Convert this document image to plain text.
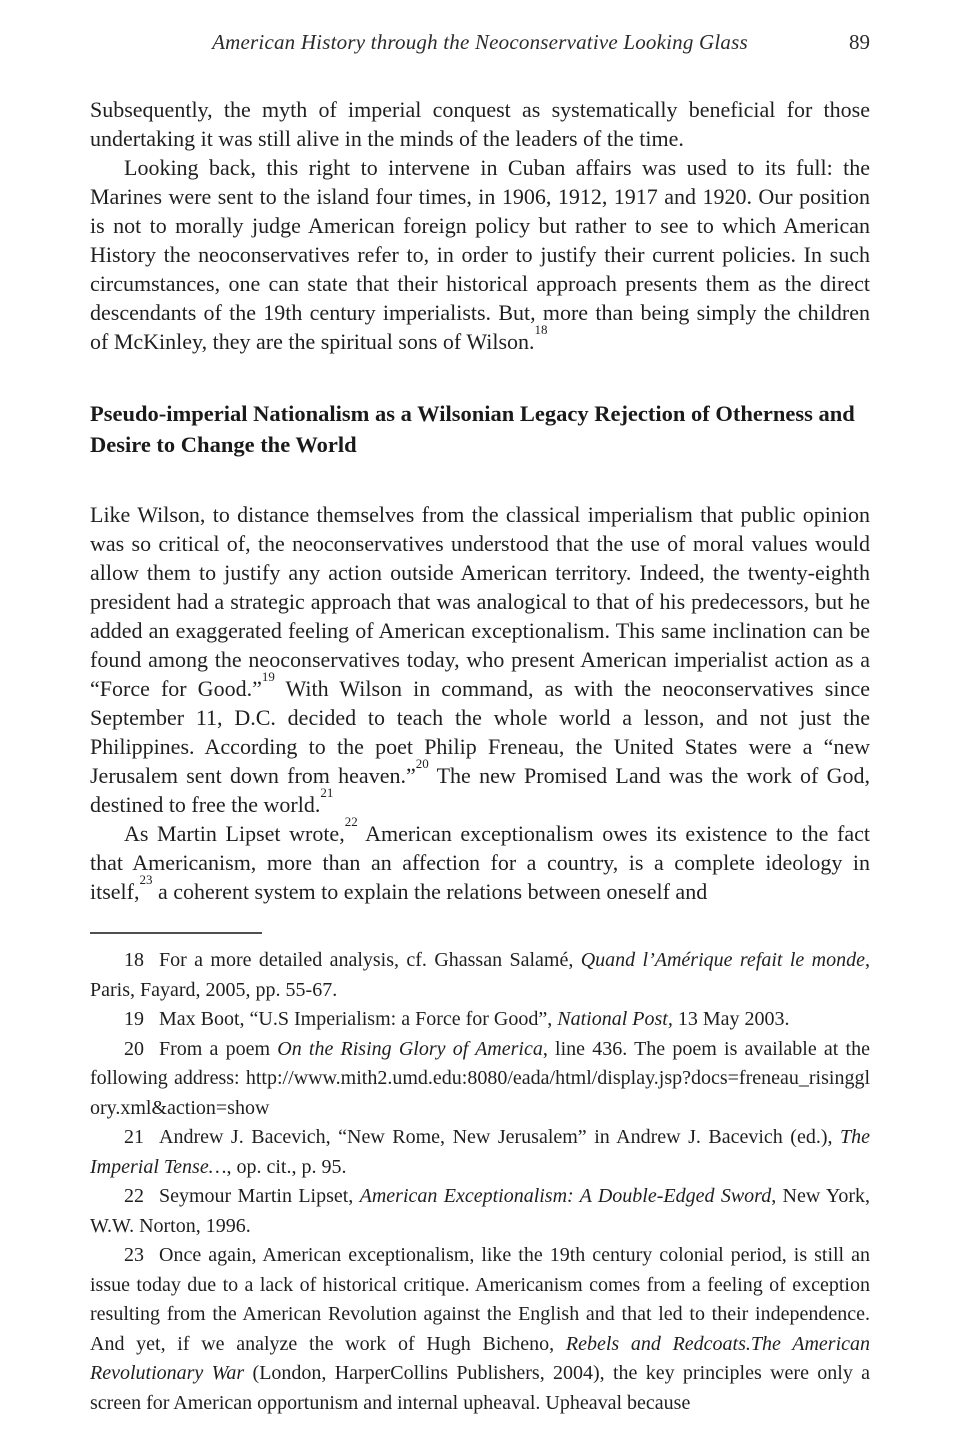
American History through the Neoconservative Looking Glass	89

Subsequently, the myth of imperial conquest as systematically beneficial for those undertaking it was still alive in the minds of the leaders of the time.

Looking back, this right to intervene in Cuban affairs was used to its full: the Marines were sent to the island four times, in 1906, 1912, 1917 and 1920. Our position is not to morally judge American foreign policy but rather to see to which American History the neoconservatives refer to, in order to justify their current policies. In such circumstances, one can state that their historical approach presents them as the direct descendants of the 19th century imperialists. But, more than being simply the children of McKinley, they are the spiritual sons of Wilson.$^{18}$

Pseudo-imperial Nationalism as a Wilsonian Legacy Rejection of Otherness and Desire to Change the World

Like Wilson, to distance themselves from the classical imperialism that public opinion was so critical of, the neoconservatives understood that the use of moral values would allow them to justify any action outside American territory. Indeed, the twenty-eighth president had a strategic approach that was analogical to that of his predecessors, but he added an exaggerated feeling of American exceptionalism. This same inclination can be found among the neoconservatives today, who present American imperialist action as a “Force for Good.”$^{19}$ With Wilson in command, as with the neoconservatives since September 11, D.C. decided to teach the whole world a lesson, and not just the Philippines. According to the poet Philip Freneau, the United States were a “new Jerusalem sent down from heaven.”$^{20}$ The new Promised Land was the work of God, destined to free the world.$^{21}$

As Martin Lipset wrote,$^{22}$ American exceptionalism owes its existence to the fact that Americanism, more than an affection for a country, is a complete ideology in itself,$^{23}$ a coherent system to explain the relations between oneself and

18 For a more detailed analysis, cf. Ghassan Salamé, Quand l’Amérique refait le monde, Paris, Fayard, 2005, pp. 55-67.

19 Max Boot, “U.S Imperialism: a Force for Good”, National Post, 13 May 2003.

20 From a poem On the Rising Glory of America, line 436. The poem is available at the following address: http://www.mith2.umd.edu:8080/eada/html/display.jsp?docs=freneau_risingglory.xml&action=show

21 Andrew J. Bacevich, “New Rome, New Jerusalem” in Andrew J. Bacevich (ed.), The Imperial Tense…, op. cit., p. 95.

22 Seymour Martin Lipset, American Exceptionalism: A Double-Edged Sword, New York, W.W. Norton, 1996.

23 Once again, American exceptionalism, like the 19th century colonial period, is still an issue today due to a lack of historical critique. Americanism comes from a feeling of exception resulting from the American Revolution against the English and that led to their independence. And yet, if we analyze the work of Hugh Bicheno, Rebels and Redcoats.The American Revolutionary War (London, HarperCollins Publishers, 2004), the key principles were only a screen for American opportunism and internal upheaval. Upheaval because
